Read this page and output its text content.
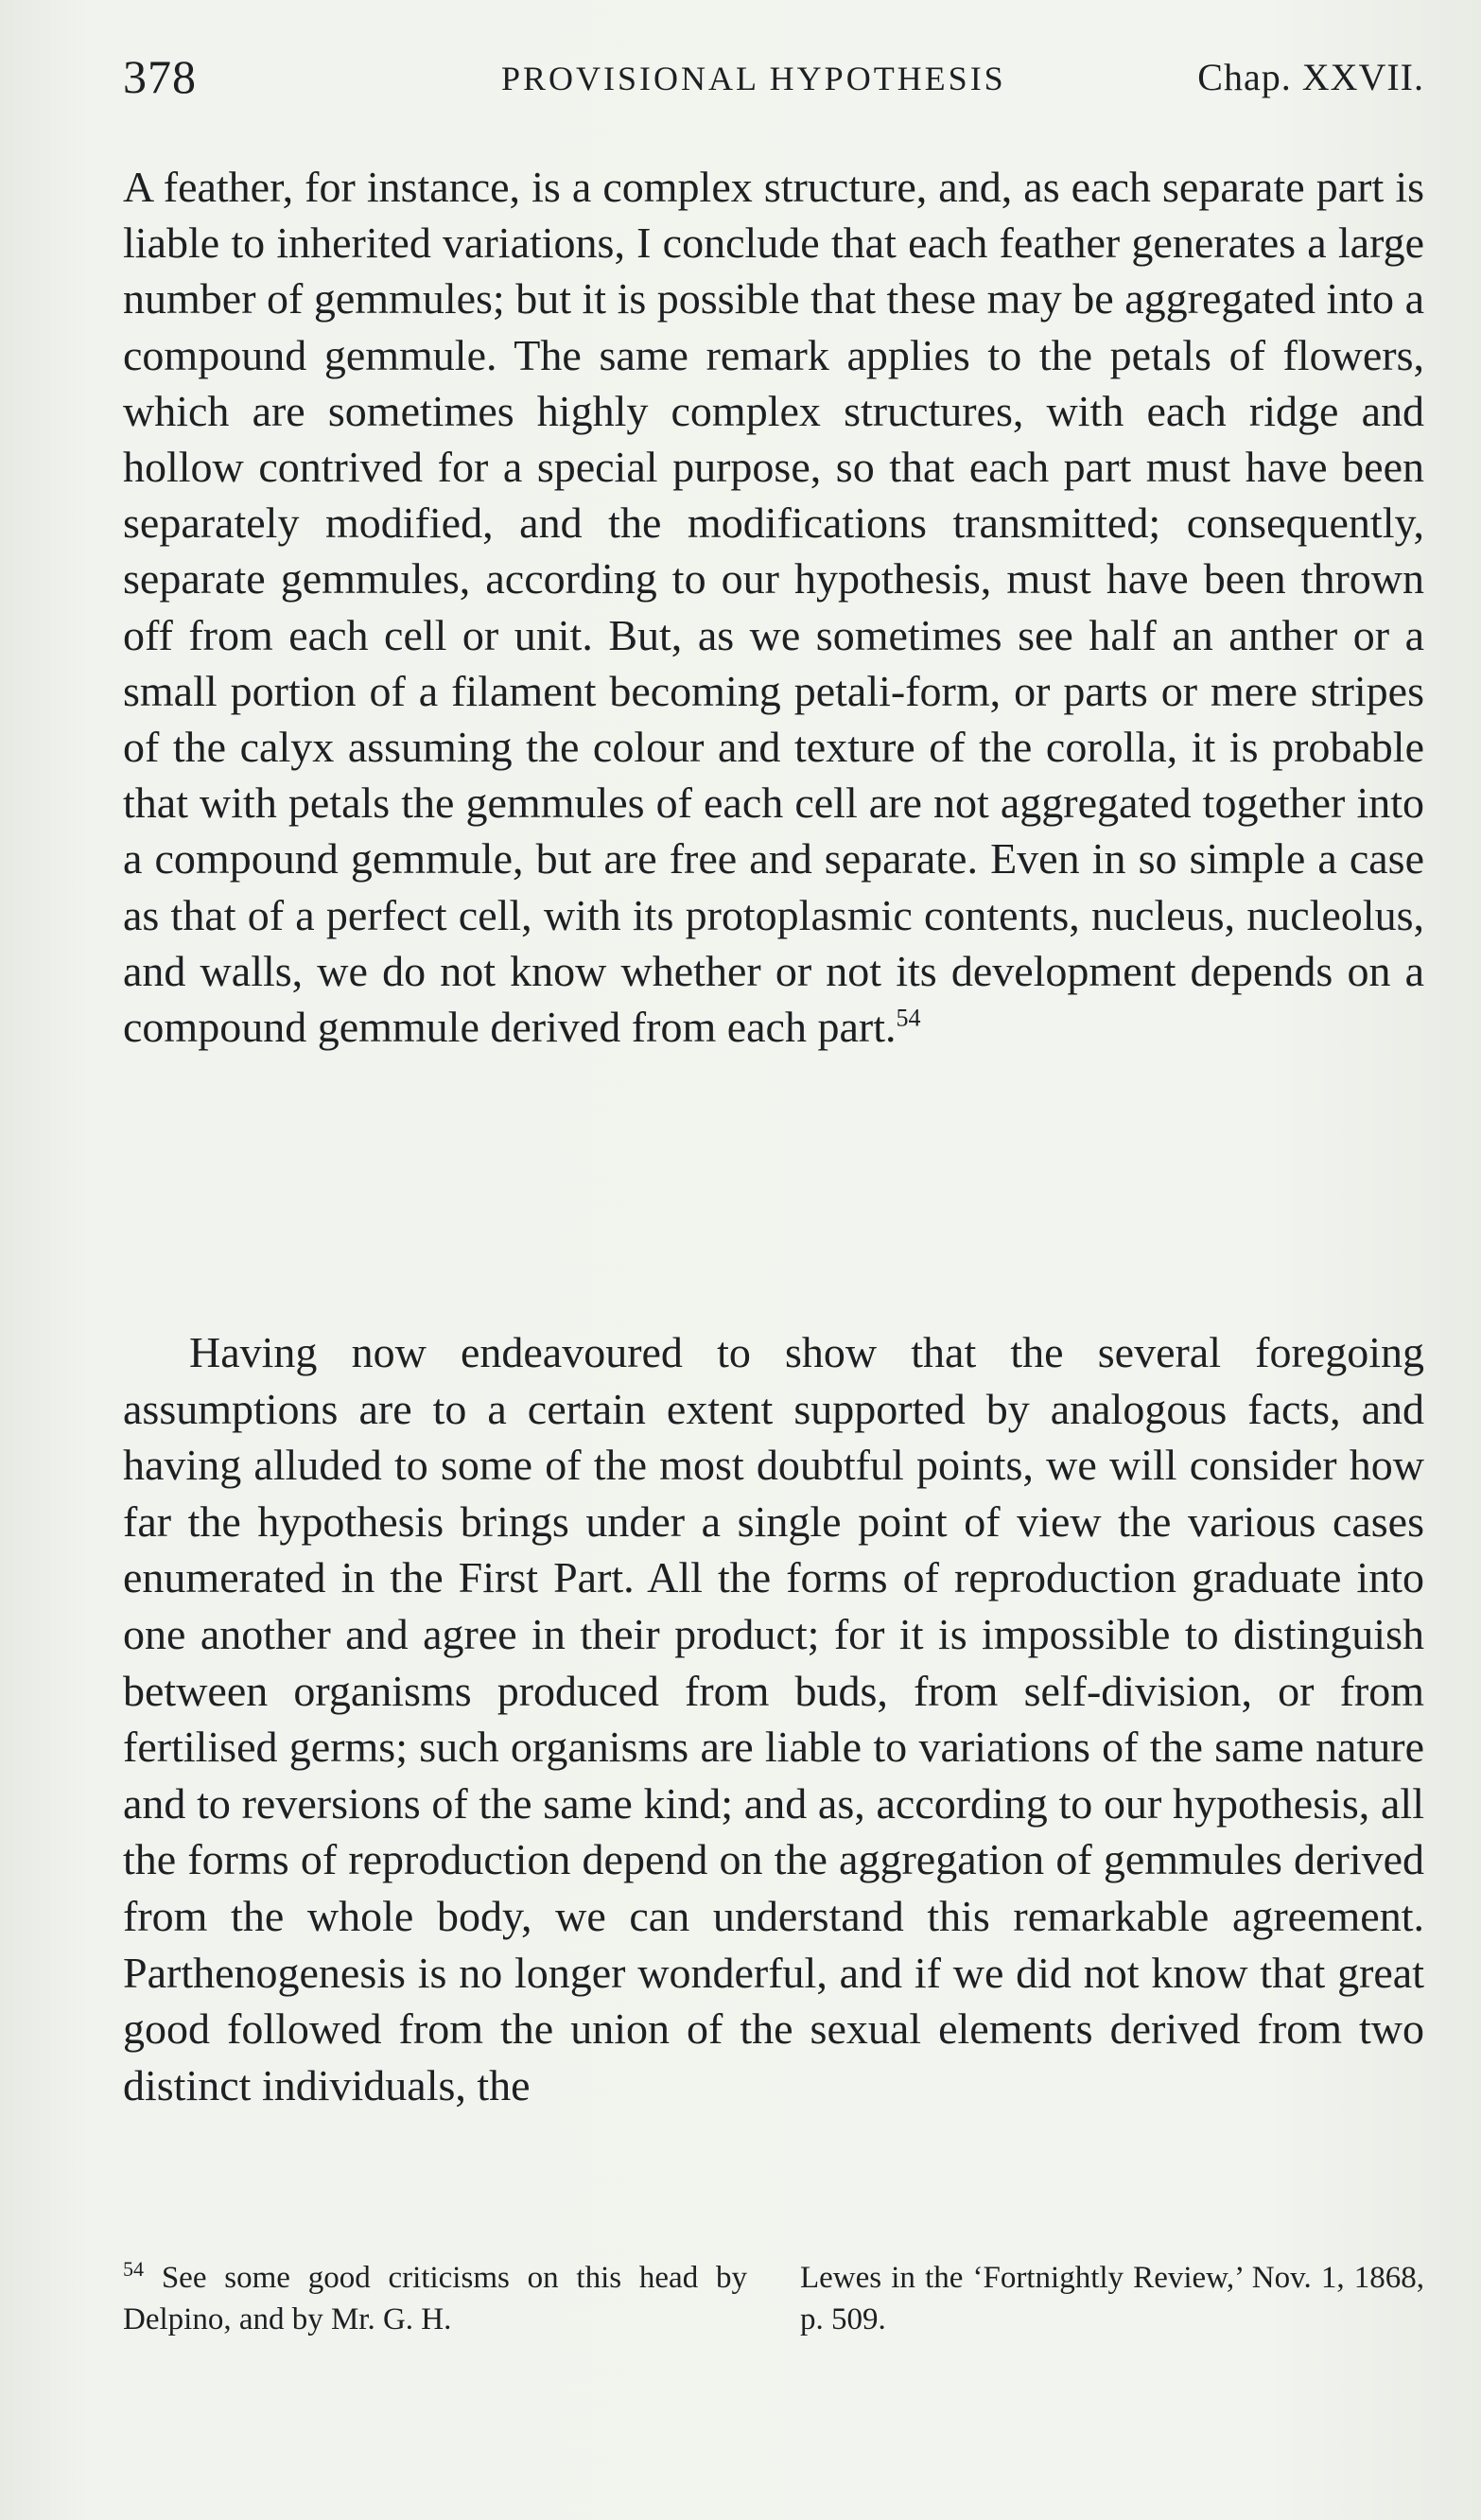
378	PROVISIONAL HYPOTHESIS	Chap. XXVII.

A feather, for instance, is a complex structure, and, as each separate part is liable to inherited variations, I conclude that each feather generates a large number of gemmules; but it is possible that these may be aggregated into a compound gemmule. The same remark applies to the petals of flowers, which are sometimes highly complex structures, with each ridge and hollow contrived for a special purpose, so that each part must have been separately modified, and the modifications transmitted; consequently, separate gemmules, according to our hypothesis, must have been thrown off from each cell or unit. But, as we sometimes see half an anther or a small portion of a filament becoming petali-form, or parts or mere stripes of the calyx assuming the colour and texture of the corolla, it is probable that with petals the gemmules of each cell are not aggregated together into a compound gemmule, but are free and separate. Even in so simple a case as that of a perfect cell, with its protoplasmic contents, nucleus, nucleolus, and walls, we do not know whether or not its development depends on a compound gemmule derived from each part.$^{54}$

Having now endeavoured to show that the several foregoing assumptions are to a certain extent supported by analogous facts, and having alluded to some of the most doubtful points, we will consider how far the hypothesis brings under a single point of view the various cases enumerated in the First Part. All the forms of reproduction graduate into one another and agree in their product; for it is impossible to distinguish between organisms produced from buds, from self-division, or from fertilised germs; such organisms are liable to variations of the same nature and to reversions of the same kind; and as, according to our hypothesis, all the forms of reproduction depend on the aggregation of gemmules derived from the whole body, we can understand this remarkable agreement. Parthenogenesis is no longer wonderful, and if we did not know that great good followed from the union of the sexual elements derived from two distinct individuals, the

$^{54}$ See some good criticisms on this head by Delpino, and by Mr. G. H.
Lewes in the ‘Fortnightly Review,’ Nov. 1, 1868, p. 509.
